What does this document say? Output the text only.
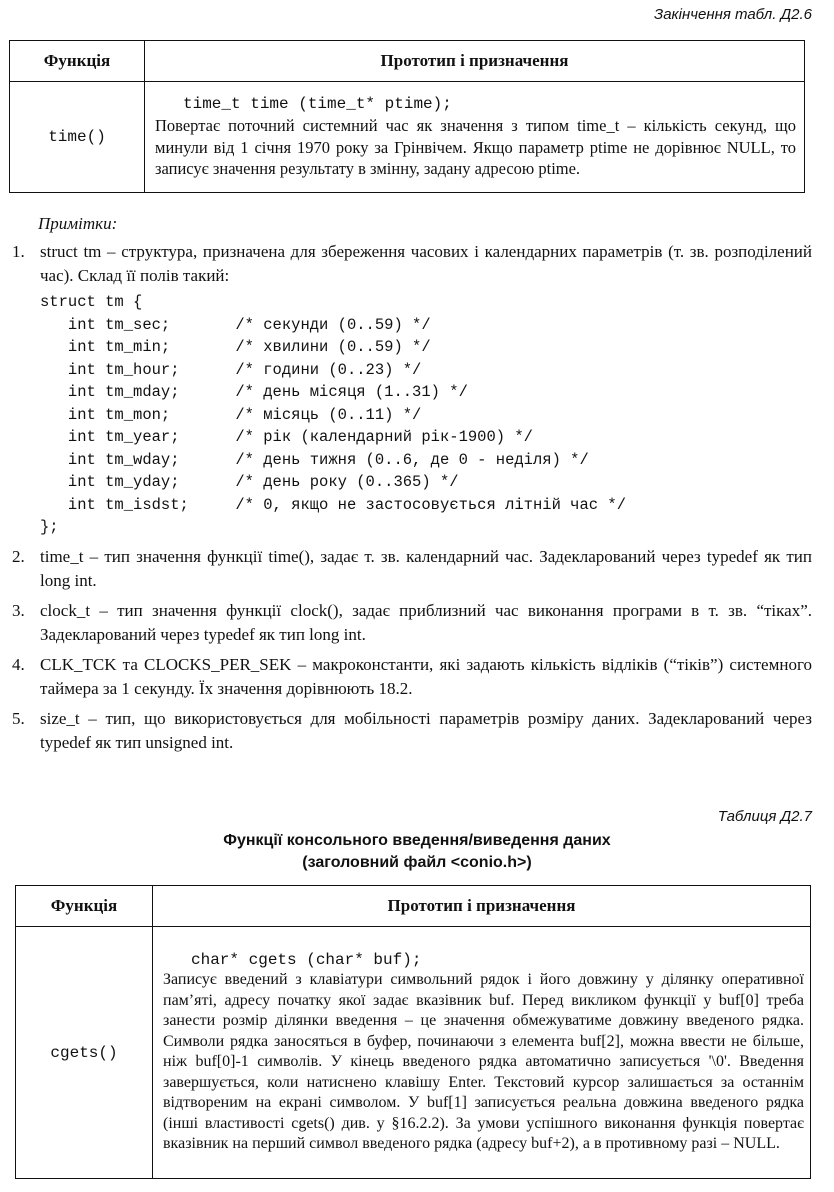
Закінчення табл. Д2.6
Функція	Прототип і призначення
time()	time_t time (time_t* ptime);
Повертає поточний системний час як значення з типом time_t – кількість секунд, що минули від 1 січня 1970 року за Грінвічем. Якщо параметр ptime не дорівнює NULL, то записує значення результату в змінну, задану адресою ptime.
Примітки:
1. struct tm – структура, призначена для збереження часових і календарних параметрів (т. зв. розподілений час). Склад її полів такий:
struct tm {
int tm_sec;       /* секунди (0..59) */
int tm_min;       /* хвилини (0..59) */
int tm_hour;      /* години (0..23) */
int tm_mday;      /* день місяця (1..31) */
int tm_mon;       /* місяць (0..11) */
int tm_year;      /* рік (календарний рік-1900) */
int tm_wday;      /* день тижня (0..6, де 0 - неділя) */
int tm_yday;      /* день року (0..365) */
int tm_isdst;     /* 0, якщо не застосовується літній час */
};
2. time_t – тип значення функції time(), задає т. зв. календарний час. Задекларований через typedef як тип long int.
3. clock_t – тип значення функції clock(), задає приблизний час виконання програми в т. зв. “тіках”. Задекларований через typedef як тип long int.
4. CLK_TCK та CLOCKS_PER_SEK – макроконстанти, які задають кількість відліків (“тіків”) системного таймера за 1 секунду. Їх значення дорівнюють 18.2.
5. size_t – тип, що використовується для мобільності параметрів розміру даних. Задекларований через typedef як тип unsigned int.
Таблиця Д2.7
Функції консольного введення/виведення даних
(заголовний файл <conio.h>)
Функція	Прототип і призначення
cgets()	char* cgets (char* buf);
Записує введений з клавіатури символьний рядок і його довжину у ділянку оперативної пам’яті, адресу початку якої задає вказівник buf. Перед викликом функції у buf[0] треба занести розмір ділянки введення – це значення обмежуватиме довжину введеного рядка. Символи рядка заносяться в буфер, починаючи з елемента buf[2], можна ввести не більше, ніж buf[0]-1 символів. У кінець введеного рядка автоматично записується '\0'. Введення завершується, коли натиснено клавішу Enter. Текстовий курсор залишається за останнім відтвореним на екрані символом. У buf[1] записується реальна довжина введеного рядка (інші властивості cgets() див. у §16.2.2). За умови успішного виконання функція повертає вказівник на перший символ введеного рядка (адресу buf+2), а в противному разі – NULL.
